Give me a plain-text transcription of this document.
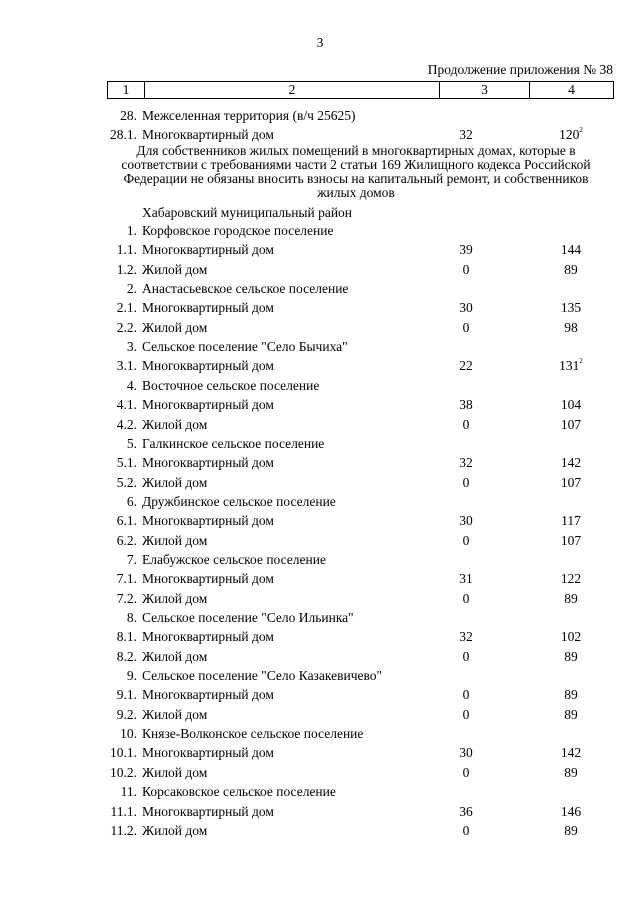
3
Продолжение приложения № 38
1	2	3	4
28. Межселенная территория (в/ч 25625)
28.1. Многоквартирный дом	32	$120^2$
Для собственников жилых помещений в многоквартирных домах, которые в соответствии с требованиями части 2 статьи 169 Жилищного кодекса Российской Федерации не обязаны вносить взносы на капитальный ремонт, и собственников жилых домов
Хабаровский муниципальный район
1. Корфовское городское поселение
1.1. Многоквартирный дом	39	144
1.2. Жилой дом	0	89
2. Анастасьевское сельское поселение
2.1. Многоквартирный дом	30	135
2.2. Жилой дом	0	98
3. Сельское поселение "Село Бычиха"
3.1. Многоквартирный дом	22	$131^2$
4. Восточное сельское поселение
4.1. Многоквартирный дом	38	104
4.2. Жилой дом	0	107
5. Галкинское сельское поселение
5.1. Многоквартирный дом	32	142
5.2. Жилой дом	0	107
6. Дружбинское сельское поселение
6.1. Многоквартирный дом	30	117
6.2. Жилой дом	0	107
7. Елабужское сельское поселение
7.1. Многоквартирный дом	31	122
7.2. Жилой дом	0	89
8. Сельское поселение "Село Ильинка"
8.1. Многоквартирный дом	32	102
8.2. Жилой дом	0	89
9. Сельское поселение "Село Казакевичево"
9.1. Многоквартирный дом	0	89
9.2. Жилой дом	0	89
10. Князе-Волконское сельское поселение
10.1. Многоквартирный дом	30	142
10.2. Жилой дом	0	89
11. Корсаковское сельское поселение
11.1. Многоквартирный дом	36	146
11.2. Жилой дом	0	89
